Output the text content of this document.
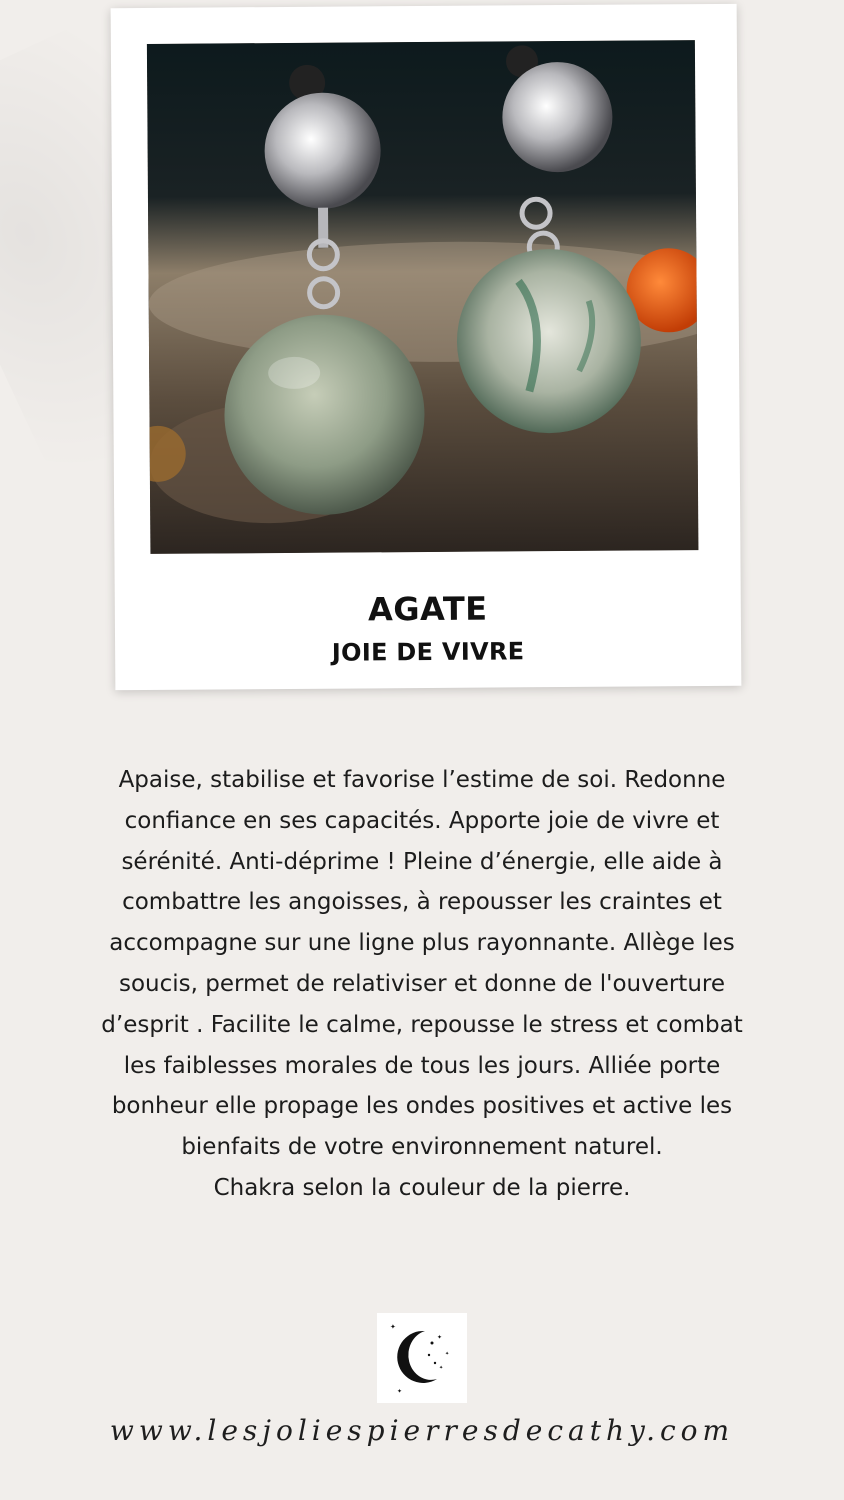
AGATE
JOIE DE VIVRE
Apaise, stabilise et favorise l’estime de soi. Redonne
confiance en ses capacités. Apporte joie de vivre et
sérénité. Anti-déprime ! Pleine d’énergie, elle aide à
combattre les angoisses, à repousser les craintes et
accompagne sur une ligne plus rayonnante. Allège les
soucis, permet de relativiser et donne de l'ouverture
d’esprit . Facilite le calme, repousse le stress et combat
les faiblesses morales de tous les jours. Alliée porte
bonheur elle propage les ondes positives et active les
bienfaits de votre environnement naturel.
Chakra selon la couleur de la pierre.
✦
✦
✦
✦
✦
www.lesjoliespierresdecathy.com
